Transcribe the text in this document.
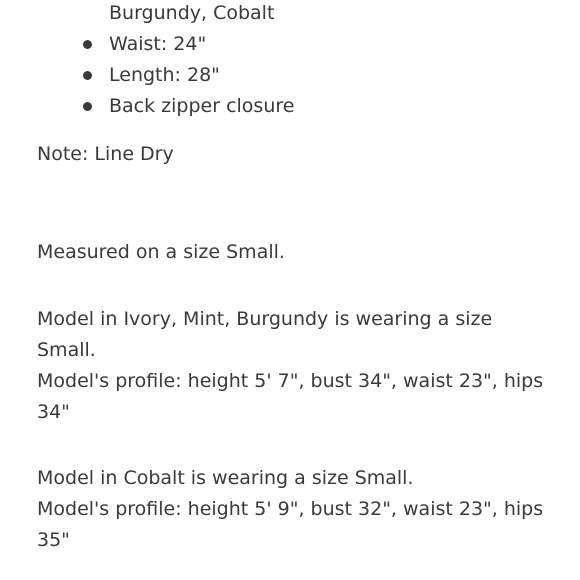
Burgundy, Cobalt
Waist: 24"
Length: 28"
Back zipper closure

Note: Line Dry

Measured on a size Small.

Model in Ivory, Mint, Burgundy is wearing a size
Small.
Model's profile: height 5' 7", bust 34", waist 23", hips
34"

Model in Cobalt is wearing a size Small.
Model's profile: height 5' 9", bust 32", waist 23", hips
35"
